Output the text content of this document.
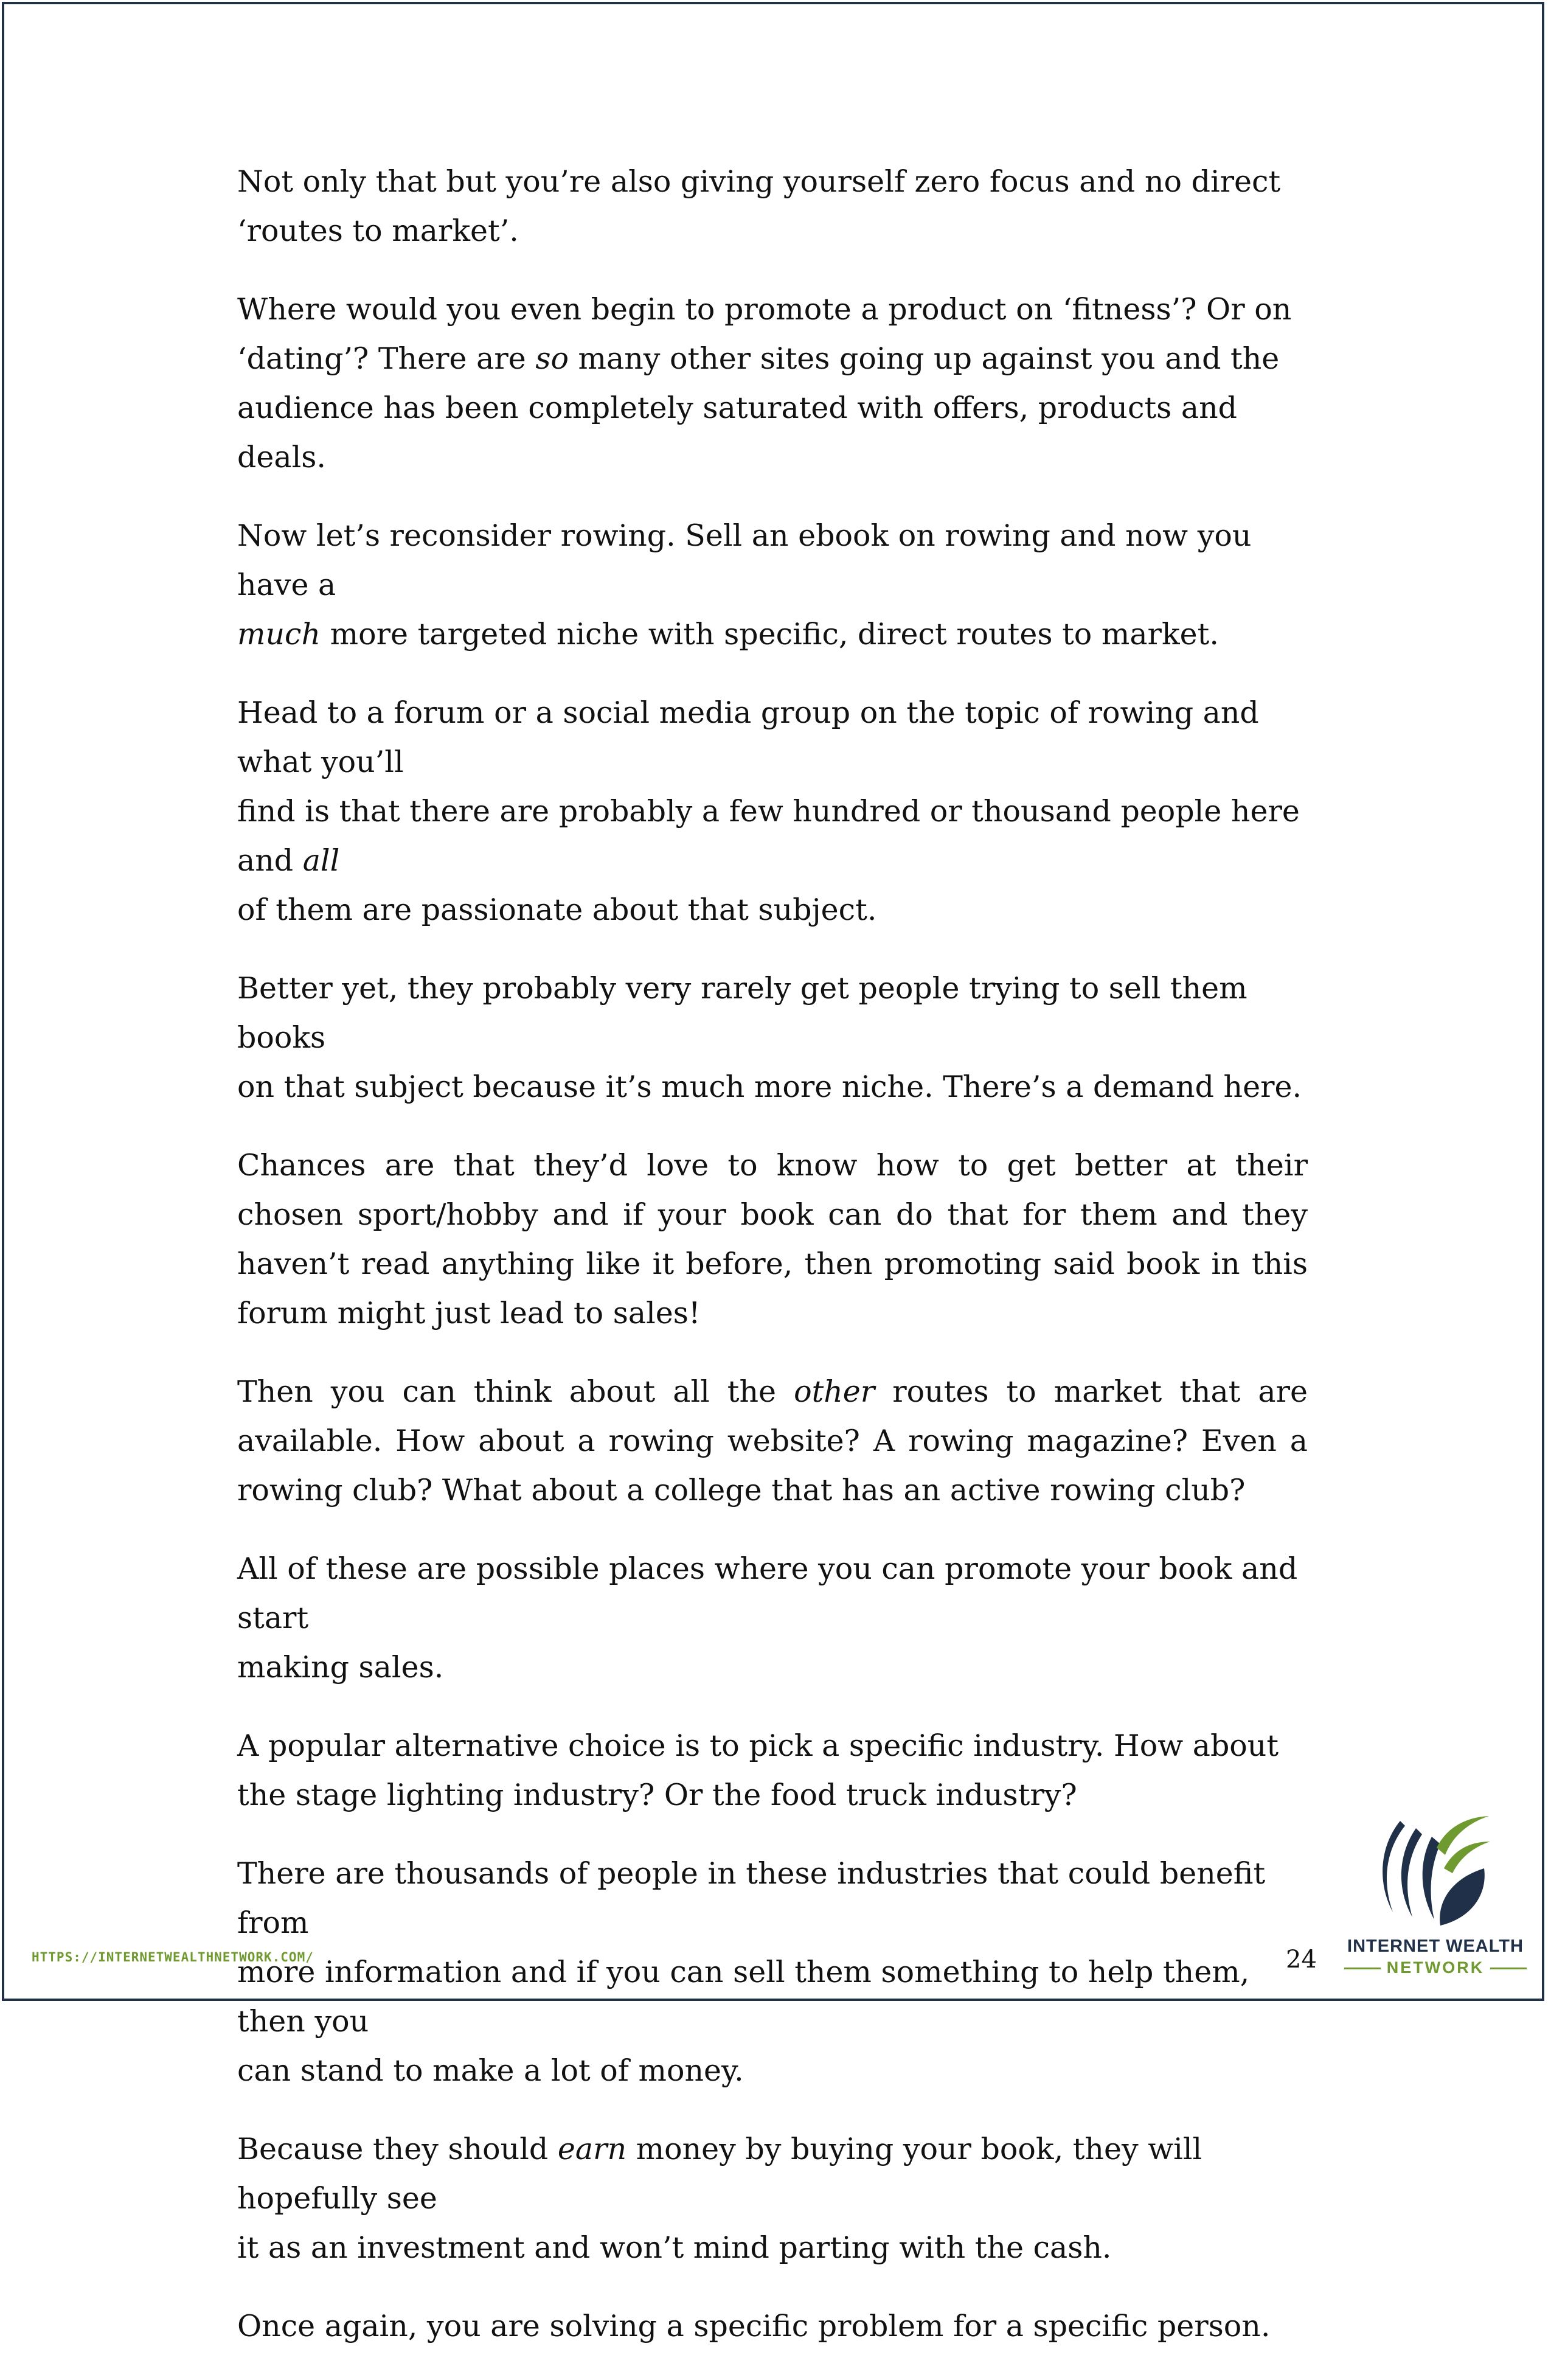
Not only that but you’re also giving yourself zero focus and no direct
‘routes to market’.

Where would you even begin to promote a product on ‘fitness’? Or on
‘dating’? There are so many other sites going up against you and the
audience has been completely saturated with offers, products and deals.

Now let’s reconsider rowing. Sell an ebook on rowing and now you have a
much more targeted niche with specific, direct routes to market.

Head to a forum or a social media group on the topic of rowing and what you’ll
find is that there are probably a few hundred or thousand people here and all
of them are passionate about that subject.

Better yet, they probably very rarely get people trying to sell them books
on that subject because it’s much more niche. There’s a demand here.

Chances are that they’d love to know how to get better at their chosen sport/hobby and if your book can do that for them and they haven’t read anything like it before, then promoting said book in this forum might just lead to sales!

Then you can think about all the other routes to market that are available. How about a rowing website? A rowing magazine? Even a rowing club? What about a college that has an active rowing club?

All of these are possible places where you can promote your book and start
making sales.

A popular alternative choice is to pick a specific industry. How about
the stage lighting industry? Or the food truck industry?

There are thousands of people in these industries that could benefit from
more information and if you can sell them something to help them, then you
can stand to make a lot of money.

Because they should earn money by buying your book, they will hopefully see
it as an investment and won’t mind parting with the cash.

Once again, you are solving a specific problem for a specific person.

HTTPS://INTERNETWEALTHNETWORK.COM/	24	INTERNET WEALTH
NETWORK
